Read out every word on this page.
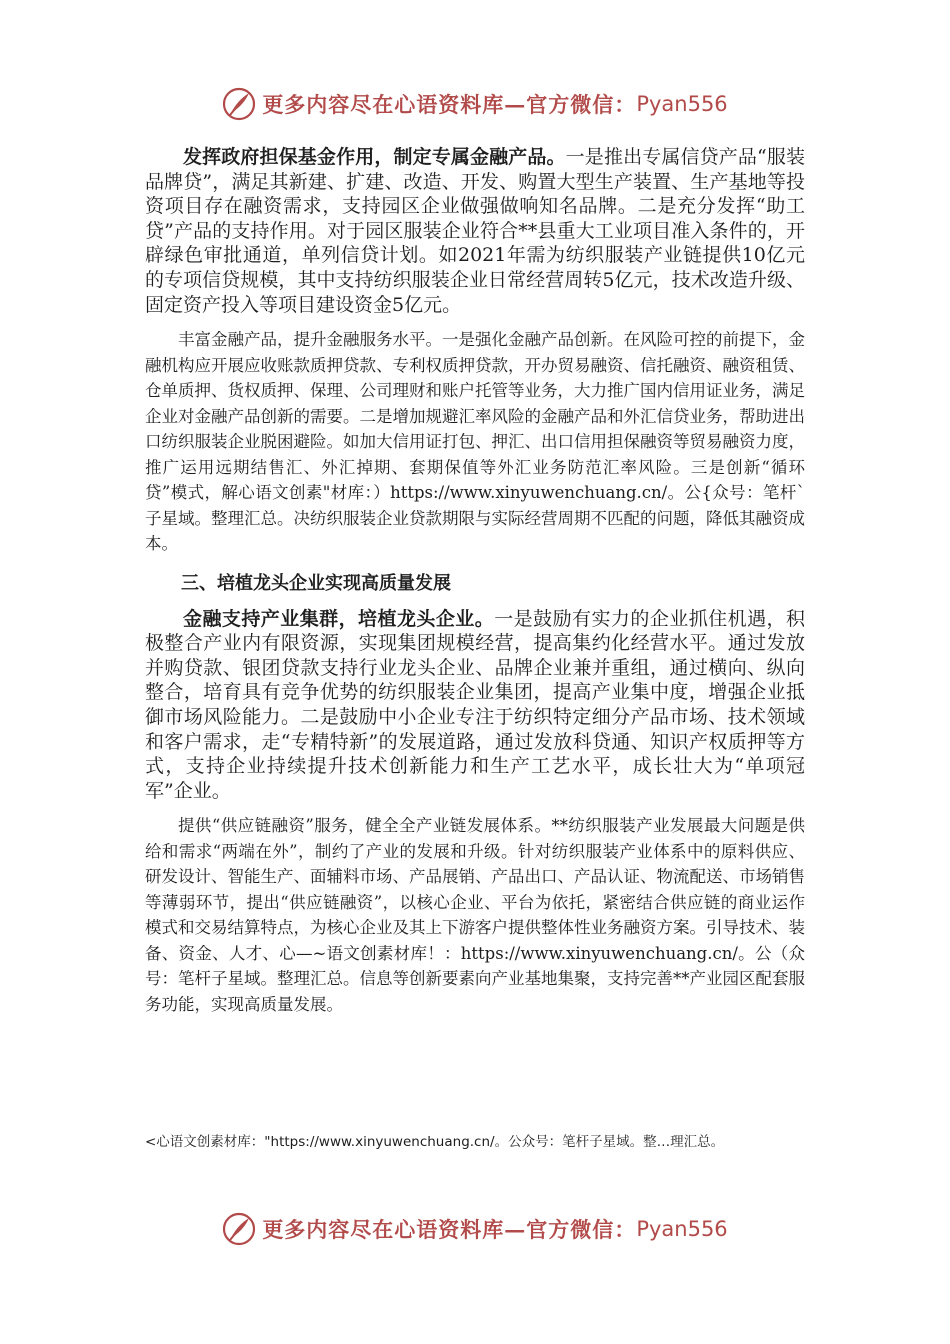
更多内容尽在心语资料库—官方微信： Pyan556

发挥政府担保基金作用，制定专属金融产品。一是推出专属信贷产品“服装品牌贷”，满足其新建、扩建、改造、开发、购置大型生产装置、生产基地等投资项目存在融资需求，支持园区企业做强做响知名品牌。二是充分发挥“助工贷”产品的支持作用。对于园区服装企业符合**县重大工业项目准入条件的，开辟绿色审批通道，单列信贷计划。如2021年需为纺织服装产业链提供10亿元的专项信贷规模，其中支持纺织服装企业日常经营周转5亿元，技术改造升级、固定资产投入等项目建设资金5亿元。

丰富金融产品，提升金融服务水平。一是强化金融产品创新。在风险可控的前提下，金融机构应开展应收账款质押贷款、专利权质押贷款，开办贸易融资、信托融资、融资租赁、仓单质押、货权质押、保理、公司理财和账户托管等业务，大力推广国内信用证业务，满足企业对金融产品创新的需要。二是增加规避汇率风险的金融产品和外汇信贷业务，帮助进出口纺织服装企业脱困避险。如加大信用证打包、押汇、出口信用担保融资等贸易融资力度，推广运用远期结售汇、外汇掉期、套期保值等外汇业务防范汇率风险。三是创新“循环贷”模式，解心语文创素"材库：）https://www.xinyuwenchuang.cn/。公{众号：笔杆`子星域。整理汇总。决纺织服装企业贷款期限与实际经营周期不匹配的问题，降低其融资成本。

三、培植龙头企业实现高质量发展

金融支持产业集群，培植龙头企业。一是鼓励有实力的企业抓住机遇，积极整合产业内有限资源，实现集团规模经营，提高集约化经营水平。通过发放并购贷款、银团贷款支持行业龙头企业、品牌企业兼并重组，通过横向、纵向整合，培育具有竞争优势的纺织服装企业集团，提高产业集中度，增强企业抵御市场风险能力。二是鼓励中小企业专注于纺织特定细分产品市场、技术领域和客户需求，走“专精特新”的发展道路，通过发放科贷通、知识产权质押等方式，支持企业持续提升技术创新能力和生产工艺水平，成长壮大为“单项冠军”企业。

提供“供应链融资”服务，健全全产业链发展体系。**纺织服装产业发展最大问题是供给和需求“两端在外”，制约了产业的发展和升级。针对纺织服装产业体系中的原料供应、研发设计、智能生产、面辅料市场、产品展销、产品出口、产品认证、物流配送、市场销售等薄弱环节，提出“供应链融资”，以核心企业、平台为依托，紧密结合供应链的商业运作模式和交易结算特点，为核心企业及其上下游客户提供整体性业务融资方案。引导技术、装备、资金、人才、心—~语文创素材库！：https://www.xinyuwenchuang.cn/。公（众号：笔杆子星域。整理汇总。信息等创新要素向产业基地集聚，支持完善**产业园区配套服务功能，实现高质量发展。

<心语文创素材库："https://www.xinyuwenchuang.cn/。公众号：笔杆子星域。整…理汇总。
更多内容尽在心语资料库—官方微信： Pyan556
